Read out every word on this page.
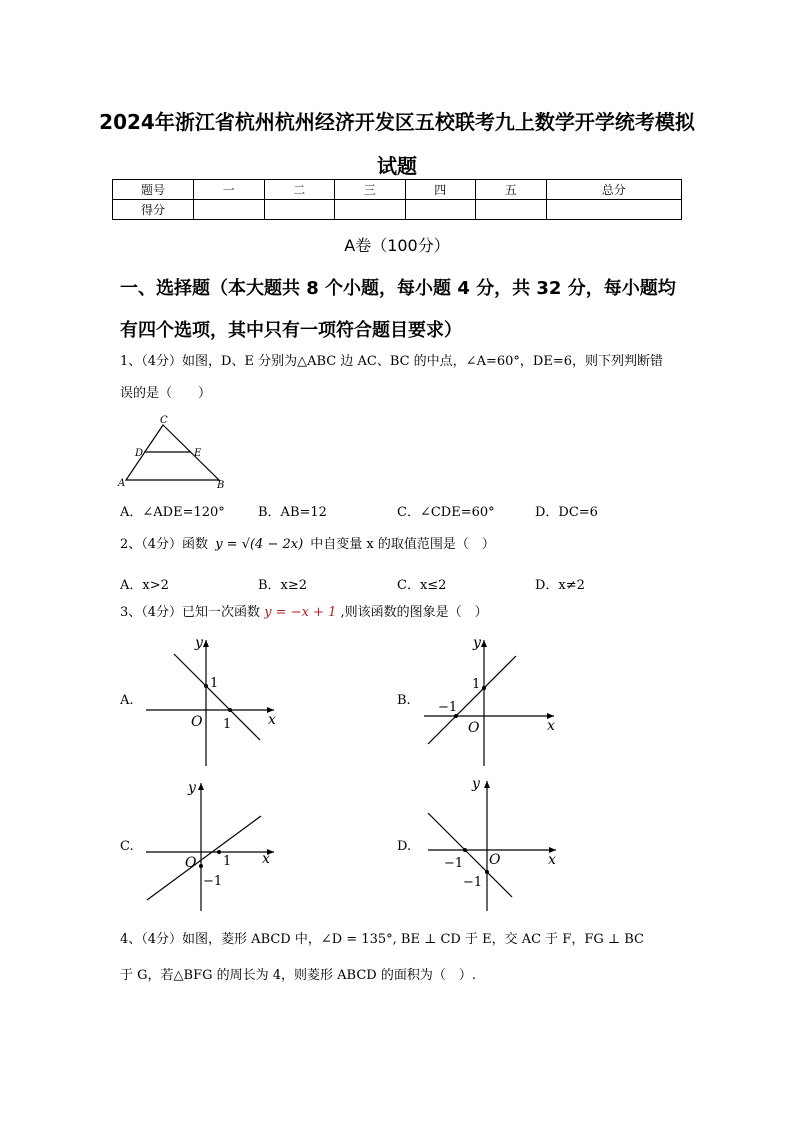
2024年浙江省杭州杭州经济开发区五校联考九上数学开学统考模拟
试题
题号	一	二	三	四	五	总分
得分						
A卷（100分）
一、选择题（本大题共 8 个小题，每小题 4 分，共 32 分，每小题均
有四个选项，其中只有一项符合题目要求）
1、（4分）如图，D、E 分别为△ABC 边 AC、BC 的中点，∠A=60°，DE=6，则下列判断错
误的是（　　）
C
D	E
A	B
A．∠ADE=120°	B．AB=12	C．∠CDE=60°	D．DC=6
2、（4分）函数 y = √(4 − 2x) 中自变量 x 的取值范围是（　）
A．x>2	B．x≥2	C．x≤2	D．x≠2
3、（4分）已知一次函数 y = −x + 1 ,则该函数的图象是（　）
A.
y
x
O
1
1
B.
y
x
O
1
−1
C.
y
x
O 1
−1
D.
y
x
O
−1
−1
4、（4分）如图，菱形 ABCD 中，∠D = 135°, BE ⊥ CD 于 E，交 AC 于 F，FG ⊥ BC
于 G，若△BFG 的周长为 4，则菱形 ABCD 的面积为（　）.
